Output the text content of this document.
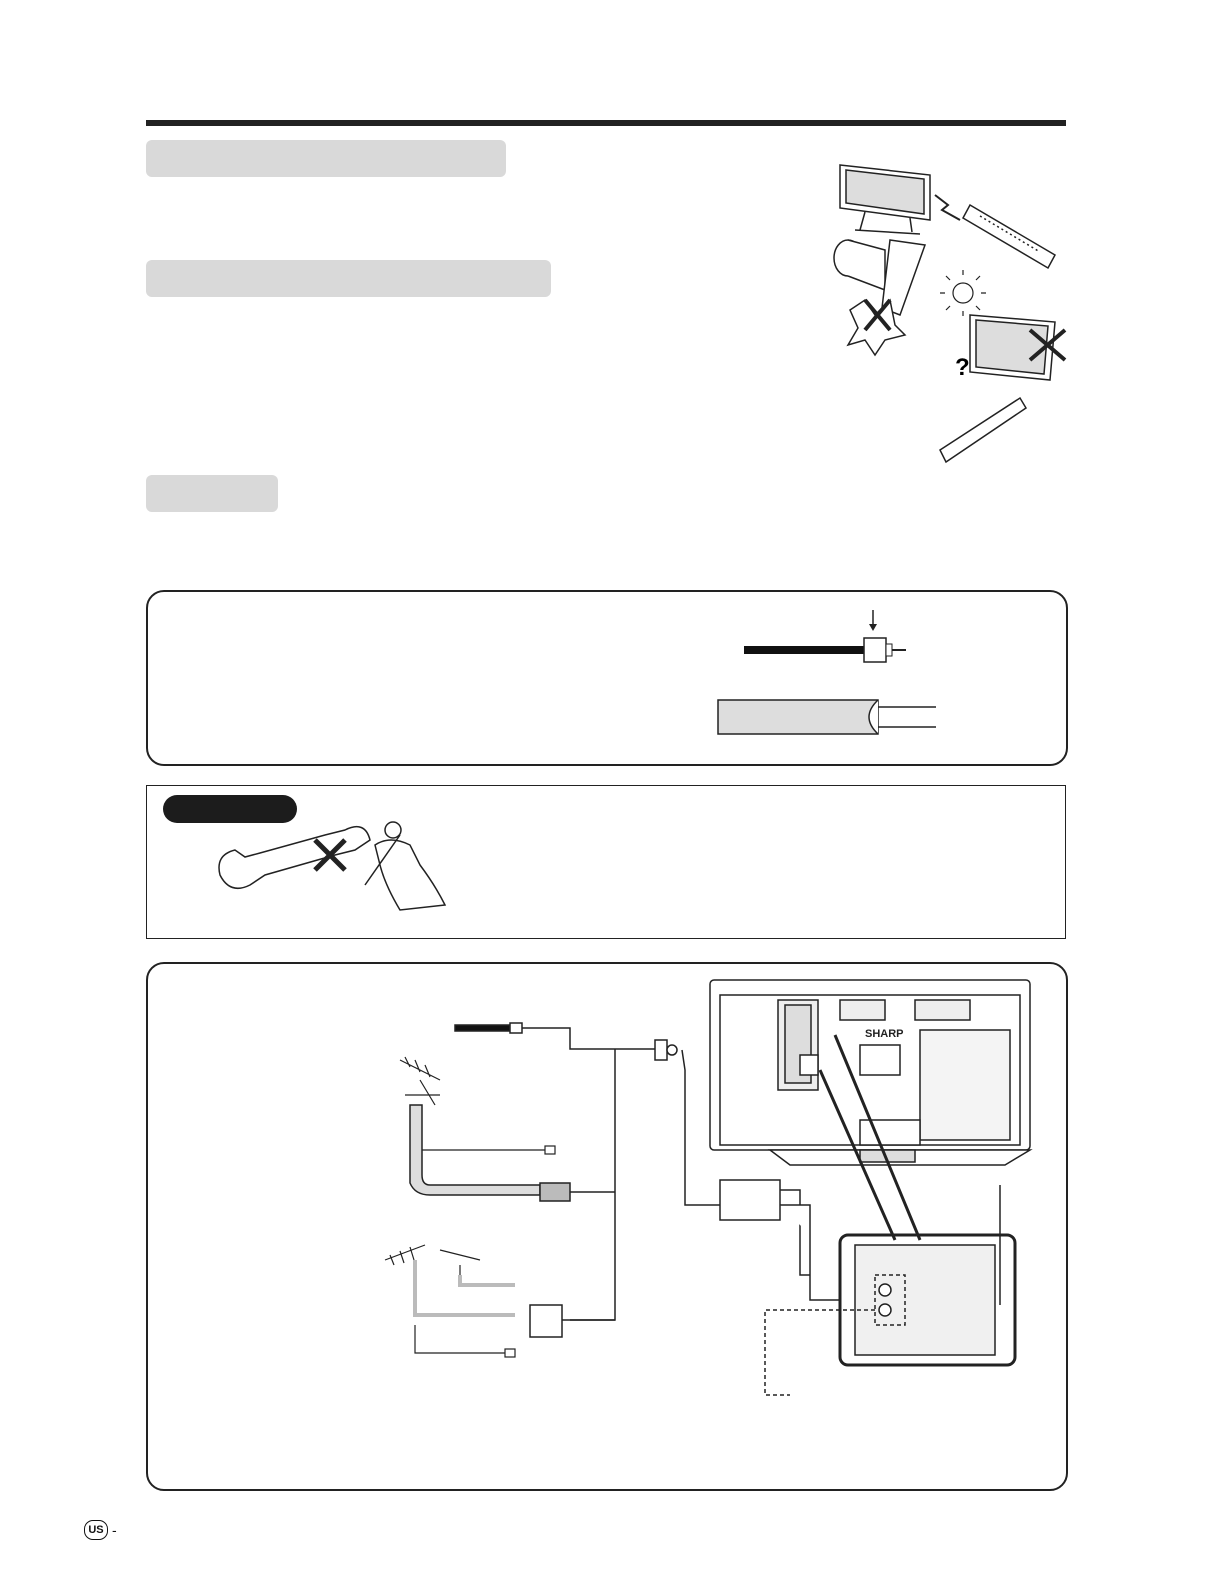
?
SHARP
US -
